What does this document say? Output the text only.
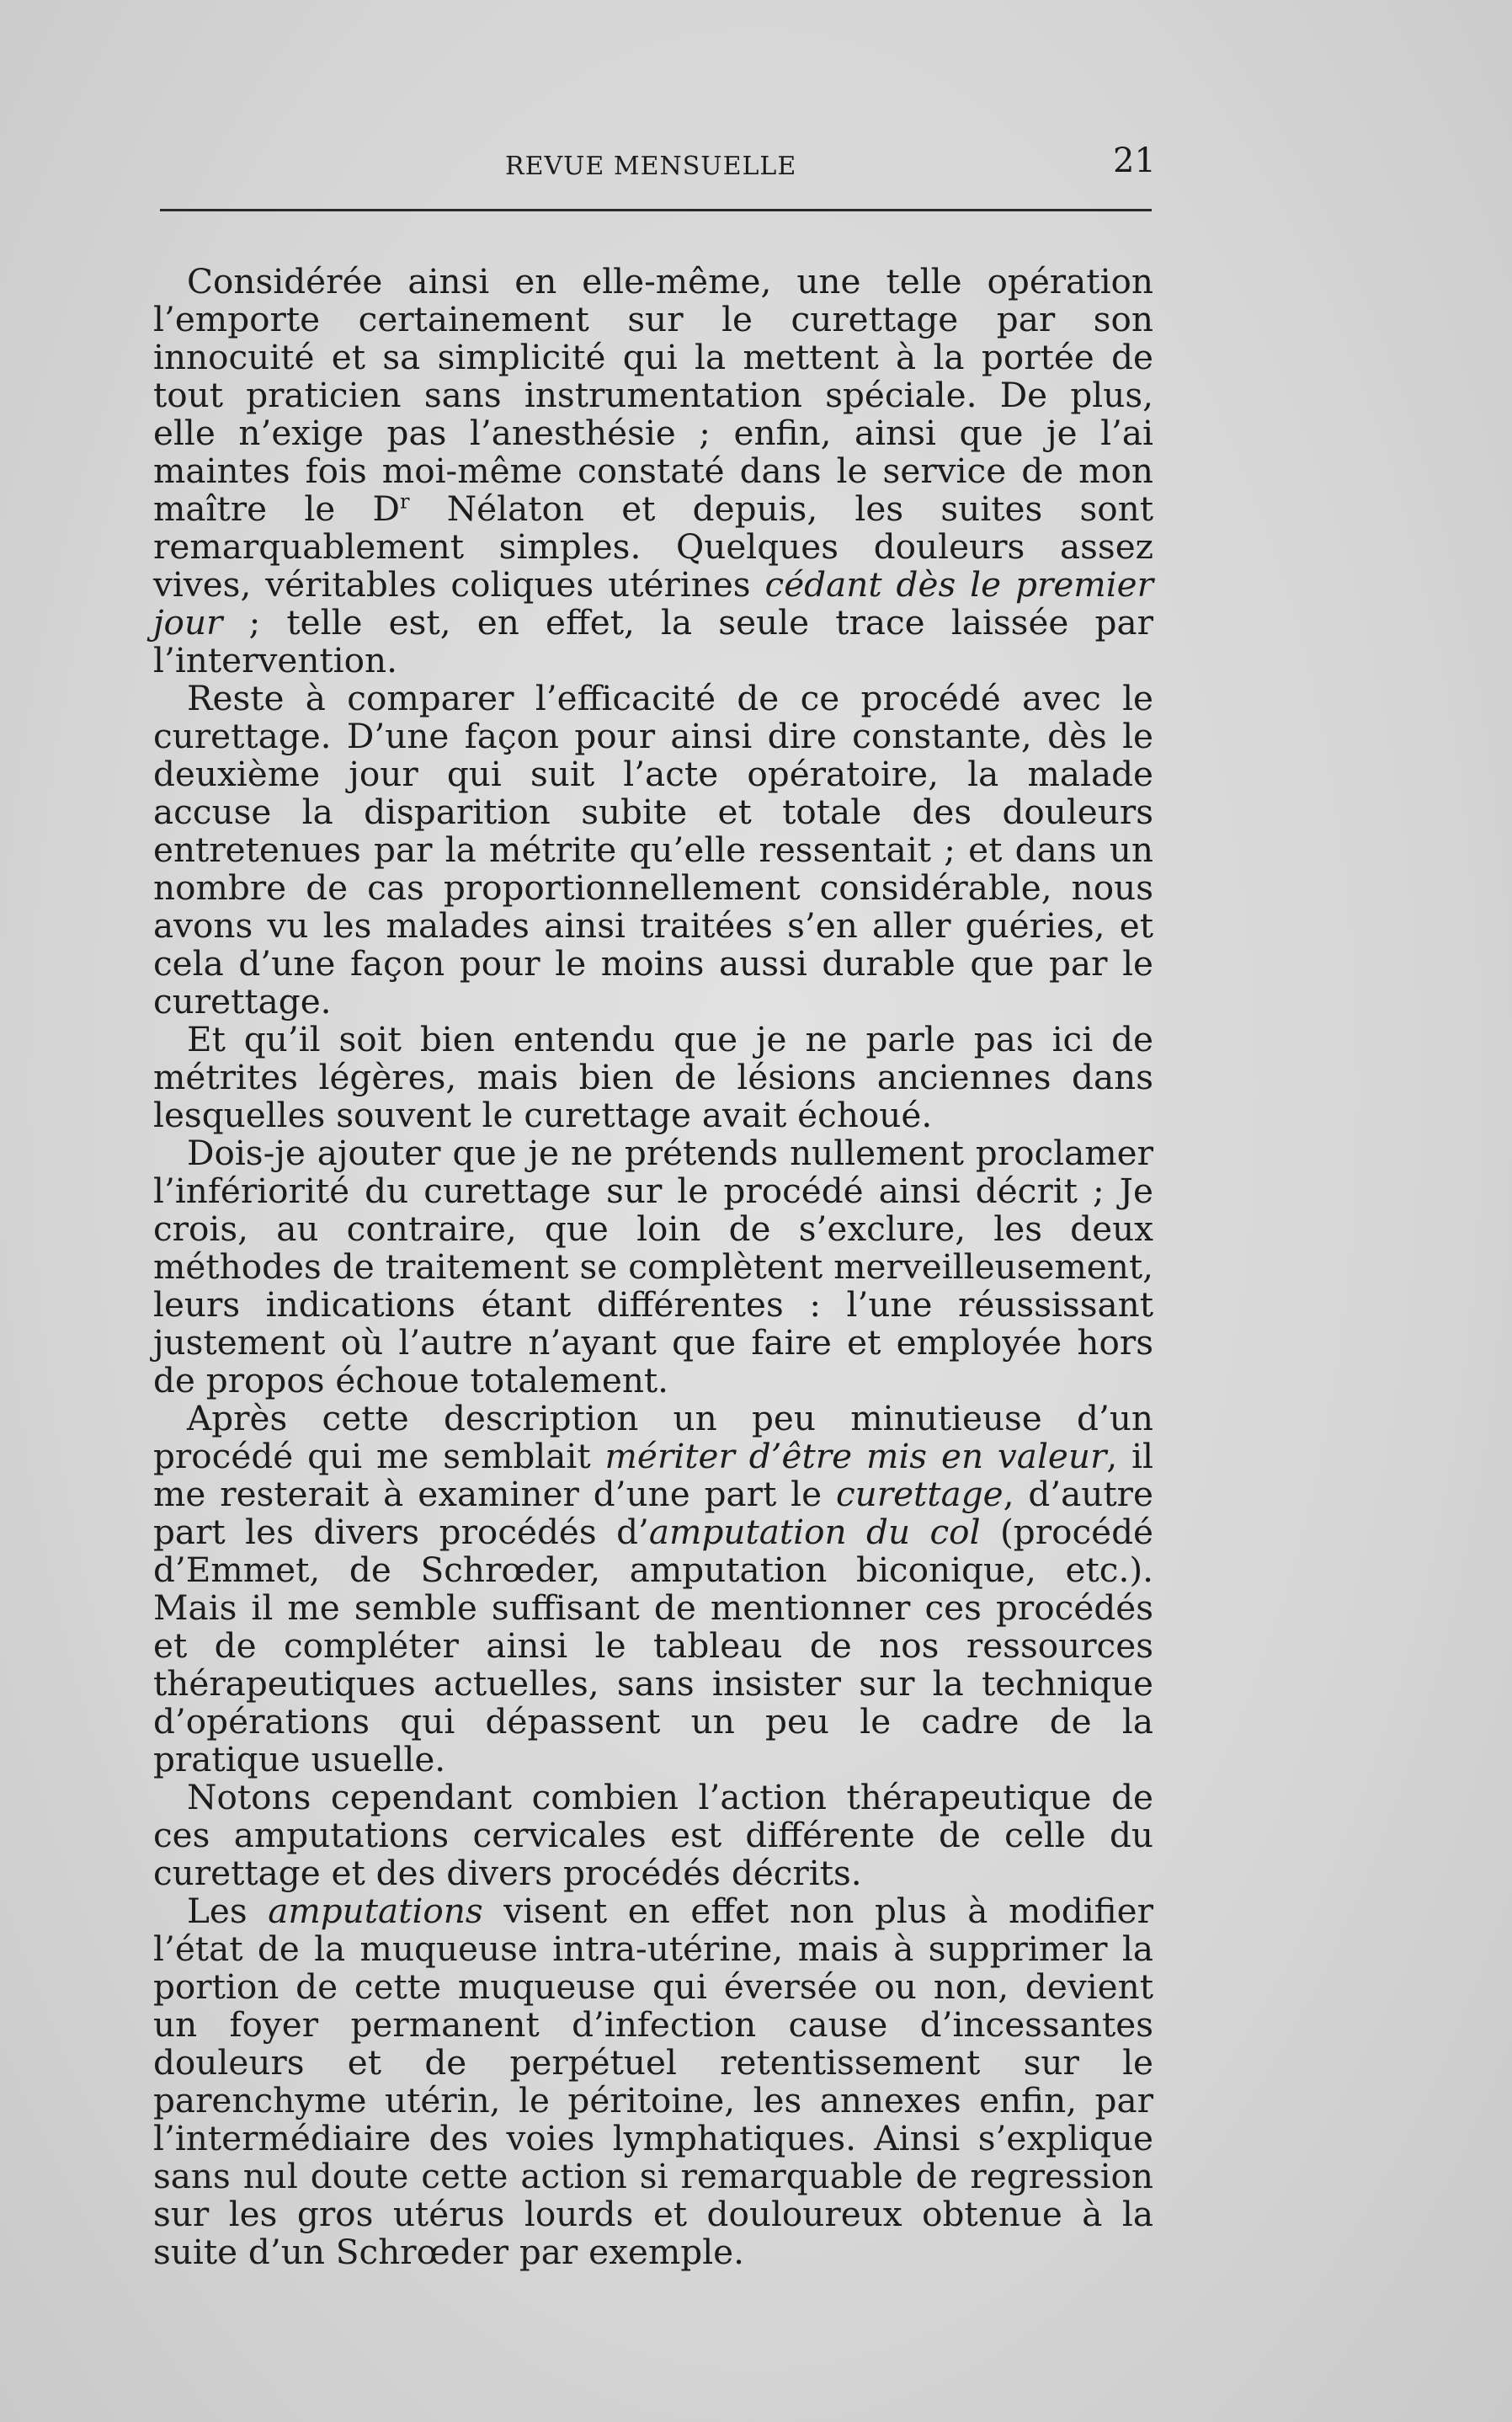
REVUE MENSUELLE	21

Considérée ainsi en elle-même, une telle opération l’emporte certainement sur le curettage par son innocuité et sa simplicité qui la mettent à la portée de tout praticien sans instrumentation spéciale. De plus, elle n’exige pas l’anesthésie ; enfin, ainsi que je l’ai maintes fois moi-même constaté dans le service de mon maître le $D^r$ Nélaton et depuis, les suites sont remarquablement simples. Quelques douleurs assez vives, véritables coliques utérines cédant dès le premier jour ; telle est, en effet, la seule trace laissée par l’intervention.

Reste à comparer l’efficacité de ce procédé avec le curettage. D’une façon pour ainsi dire constante, dès le deuxième jour qui suit l’acte opératoire, la malade accuse la disparition subite et totale des douleurs entretenues par la métrite qu’elle ressentait ; et dans un nombre de cas proportionnellement considérable, nous avons vu les malades ainsi traitées s’en aller guéries, et cela d’une façon pour le moins aussi durable que par le curettage.

Et qu’il soit bien entendu que je ne parle pas ici de métrites légères, mais bien de lésions anciennes dans lesquelles souvent le curettage avait échoué.

Dois-je ajouter que je ne prétends nullement proclamer l’infériorité du curettage sur le procédé ainsi décrit ; Je crois, au contraire, que loin de s’exclure, les deux méthodes de traitement se complètent merveilleusement, leurs indications étant différentes : l’une réussissant justement où l’autre n’ayant que faire et employée hors de propos échoue totalement.

Après cette description un peu minutieuse d’un procédé qui me semblait mériter d’être mis en valeur, il me resterait à examiner d’une part le curettage, d’autre part les divers procédés d’amputation du col (procédé d’Emmet, de Schrœder, amputation biconique, etc.). Mais il me semble suffisant de mentionner ces procédés et de compléter ainsi le tableau de nos ressources thérapeutiques actuelles, sans insister sur la technique d’opérations qui dépassent un peu le cadre de la pratique usuelle.

Notons cependant combien l’action thérapeutique de ces amputations cervicales est différente de celle du curettage et des divers procédés décrits.

Les amputations visent en effet non plus à modifier l’état de la muqueuse intra-utérine, mais à supprimer la portion de cette muqueuse qui éversée ou non, devient un foyer permanent d’infection cause d’incessantes douleurs et de perpétuel retentissement sur le parenchyme utérin, le péritoine, les annexes enfin, par l’intermédiaire des voies lymphatiques. Ainsi s’explique sans nul doute cette action si remarquable de regression sur les gros utérus lourds et douloureux obtenue à la suite d’un Schrœder par exemple.
